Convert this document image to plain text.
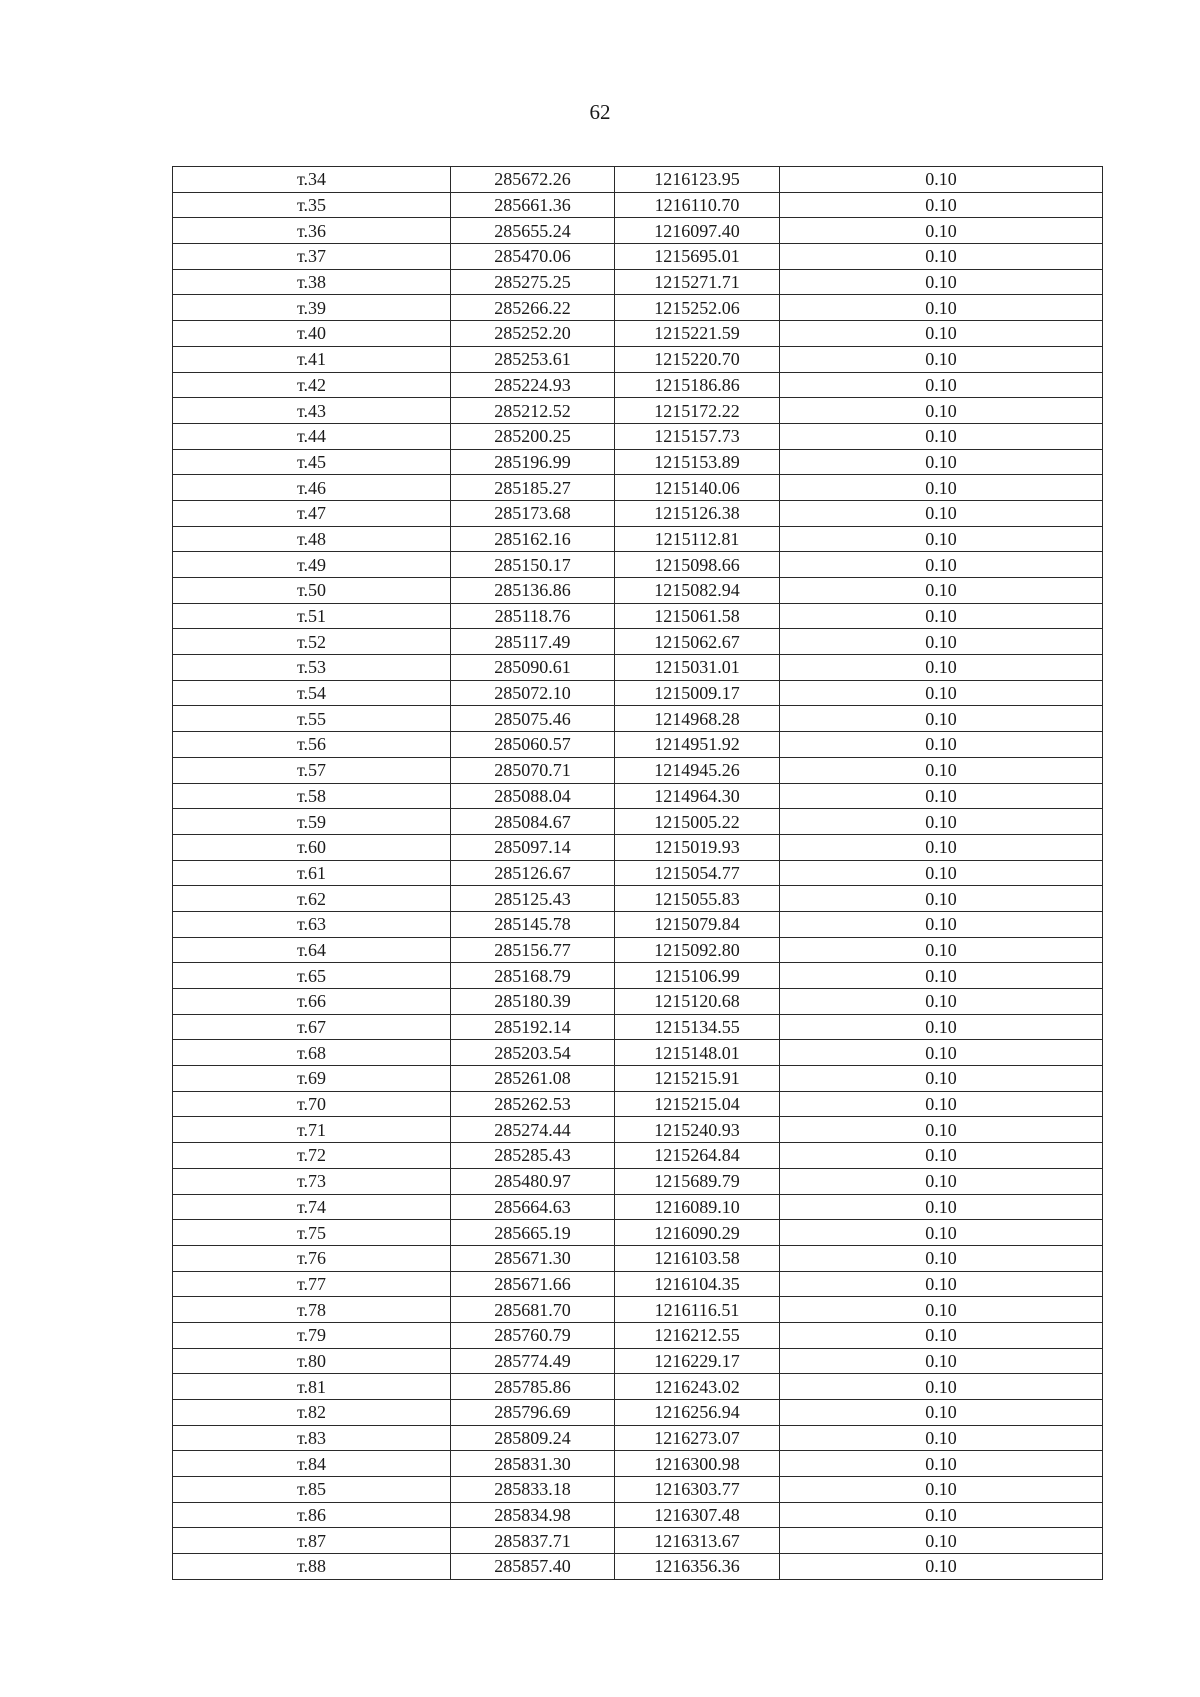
62
т.34	285672.26	1216123.95	0.10
т.35	285661.36	1216110.70	0.10
т.36	285655.24	1216097.40	0.10
т.37	285470.06	1215695.01	0.10
т.38	285275.25	1215271.71	0.10
т.39	285266.22	1215252.06	0.10
т.40	285252.20	1215221.59	0.10
т.41	285253.61	1215220.70	0.10
т.42	285224.93	1215186.86	0.10
т.43	285212.52	1215172.22	0.10
т.44	285200.25	1215157.73	0.10
т.45	285196.99	1215153.89	0.10
т.46	285185.27	1215140.06	0.10
т.47	285173.68	1215126.38	0.10
т.48	285162.16	1215112.81	0.10
т.49	285150.17	1215098.66	0.10
т.50	285136.86	1215082.94	0.10
т.51	285118.76	1215061.58	0.10
т.52	285117.49	1215062.67	0.10
т.53	285090.61	1215031.01	0.10
т.54	285072.10	1215009.17	0.10
т.55	285075.46	1214968.28	0.10
т.56	285060.57	1214951.92	0.10
т.57	285070.71	1214945.26	0.10
т.58	285088.04	1214964.30	0.10
т.59	285084.67	1215005.22	0.10
т.60	285097.14	1215019.93	0.10
т.61	285126.67	1215054.77	0.10
т.62	285125.43	1215055.83	0.10
т.63	285145.78	1215079.84	0.10
т.64	285156.77	1215092.80	0.10
т.65	285168.79	1215106.99	0.10
т.66	285180.39	1215120.68	0.10
т.67	285192.14	1215134.55	0.10
т.68	285203.54	1215148.01	0.10
т.69	285261.08	1215215.91	0.10
т.70	285262.53	1215215.04	0.10
т.71	285274.44	1215240.93	0.10
т.72	285285.43	1215264.84	0.10
т.73	285480.97	1215689.79	0.10
т.74	285664.63	1216089.10	0.10
т.75	285665.19	1216090.29	0.10
т.76	285671.30	1216103.58	0.10
т.77	285671.66	1216104.35	0.10
т.78	285681.70	1216116.51	0.10
т.79	285760.79	1216212.55	0.10
т.80	285774.49	1216229.17	0.10
т.81	285785.86	1216243.02	0.10
т.82	285796.69	1216256.94	0.10
т.83	285809.24	1216273.07	0.10
т.84	285831.30	1216300.98	0.10
т.85	285833.18	1216303.77	0.10
т.86	285834.98	1216307.48	0.10
т.87	285837.71	1216313.67	0.10
т.88	285857.40	1216356.36	0.10
